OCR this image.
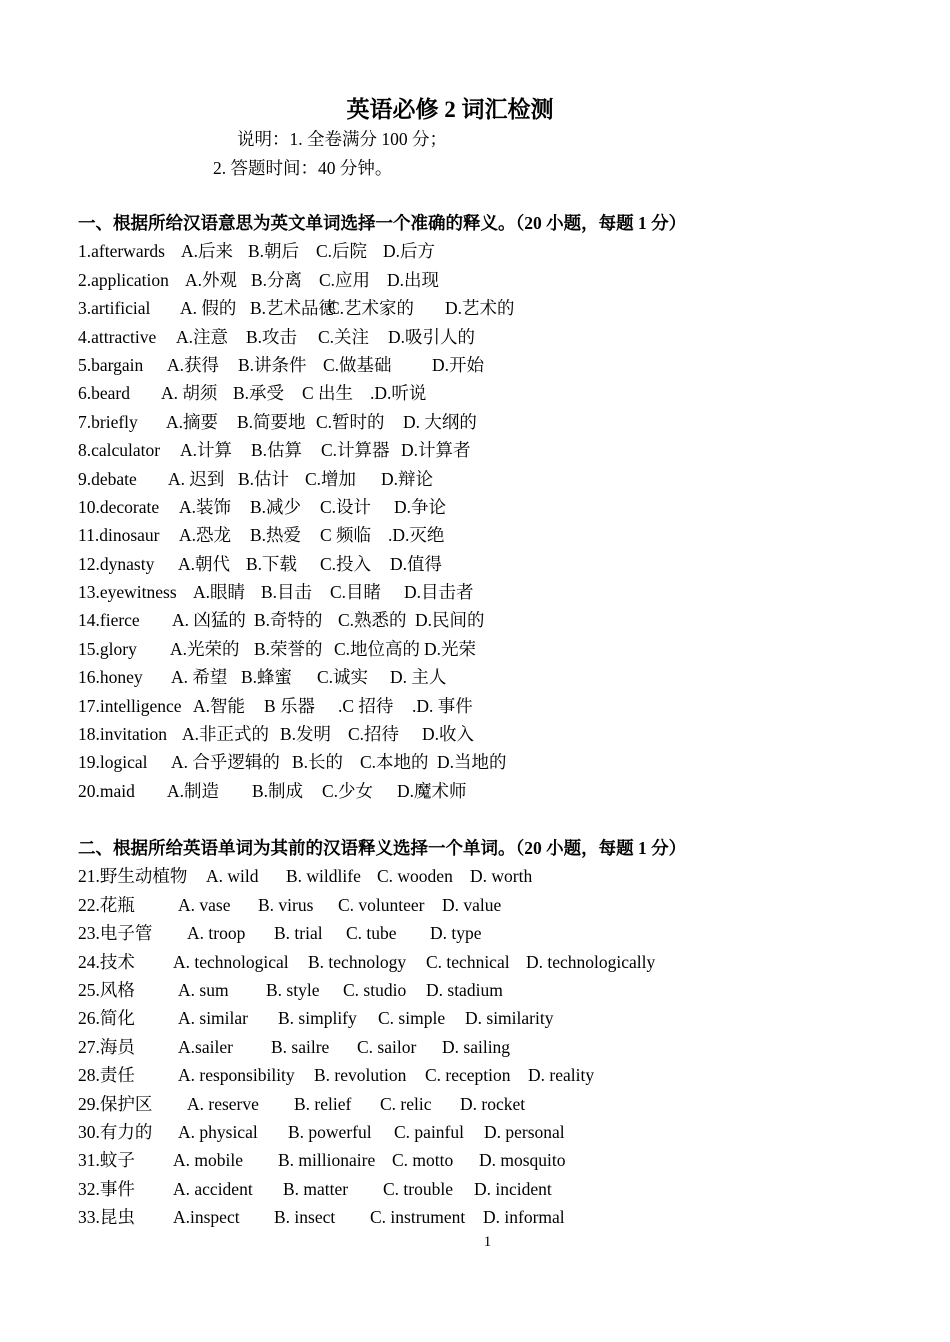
英语必修 2 词汇检测
说明：1. 全卷满分 100 分；
2. 答题时间：40 分钟。
一、根据所给汉语意思为英文单词选择一个准确的释义。（20 小题，每题 1 分）
1.afterwards A.后来 B.朝后 C.后院 D.后方
2.application A.外观 B.分离 C.应用 D.出现
3.artificial A. 假的 B.艺术品德
C.艺术家的 D.艺术的
4.attractive A.注意 B.攻击 C.关注 D.吸引人的
5.bargain A.获得 B.讲条件 C.做基础 D.开始
6.beard A. 胡须 B.承受 C 出生 .D.听说
7.briefly A.摘要 B.简要地 C.暂时的 D. 大纲的
8.calculator A.计算 B.估算 C.计算器 D.计算者
9.debate A. 迟到 B.估计 C.增加 D.辩论
10.decorate A.装饰 B.减少 C.设计 D.争论
11.dinosaur A.恐龙 B.热爱 C 频临 .D.灭绝
12.dynasty A.朝代 B.下载 C.投入 D.值得
13.eyewitness A.眼睛 B.目击 C.目睹 D.目击者
14.fierce A. 凶猛的 B.奇特的 C.熟悉的 D.民间的
15.glory A.光荣的 B.荣誉的 C.地位高的 D.光荣
16.honey A. 希望 B.蜂蜜 C.诚实 D. 主人
17.intelligence A.智能 B 乐器 .C 招待 .D. 事件
18.invitation A.非正式的 B.发明 C.招待 D.收入
19.logical A. 合乎逻辑的 B.长的 C.本地的 D.当地的
20.maid A.制造 B.制成 C.少女 D.魔术师
二、根据所给英语单词为其前的汉语释义选择一个单词。（20 小题，每题 1 分）
21.野生动植物 A. wild B. wildlife C. wooden D. worth
22.花瓶 A. vase B. virus C. volunteer D. value
23.电子管 A. troop B. trial C. tube D. type
24.技术 A. technological B. technology C. technical D. technologically
25.风格 A. sum B. style C. studio D. stadium
26.简化 A. similar B. simplify C. simple D. similarity
27.海员 A.sailer B. sailre C. sailor D. sailing
28.责任 A. responsibility B. revolution C. reception D. reality
29.保护区 A. reserve B. relief C. relic D. rocket
30.有力的 A. physical B. powerful C. painful D. personal
31.蚊子 A. mobile B. millionaire C. motto D. mosquito
32.事件 A. accident B. matter C. trouble D. incident
33.昆虫 A.inspect B. insect C. instrument D. informal
1
